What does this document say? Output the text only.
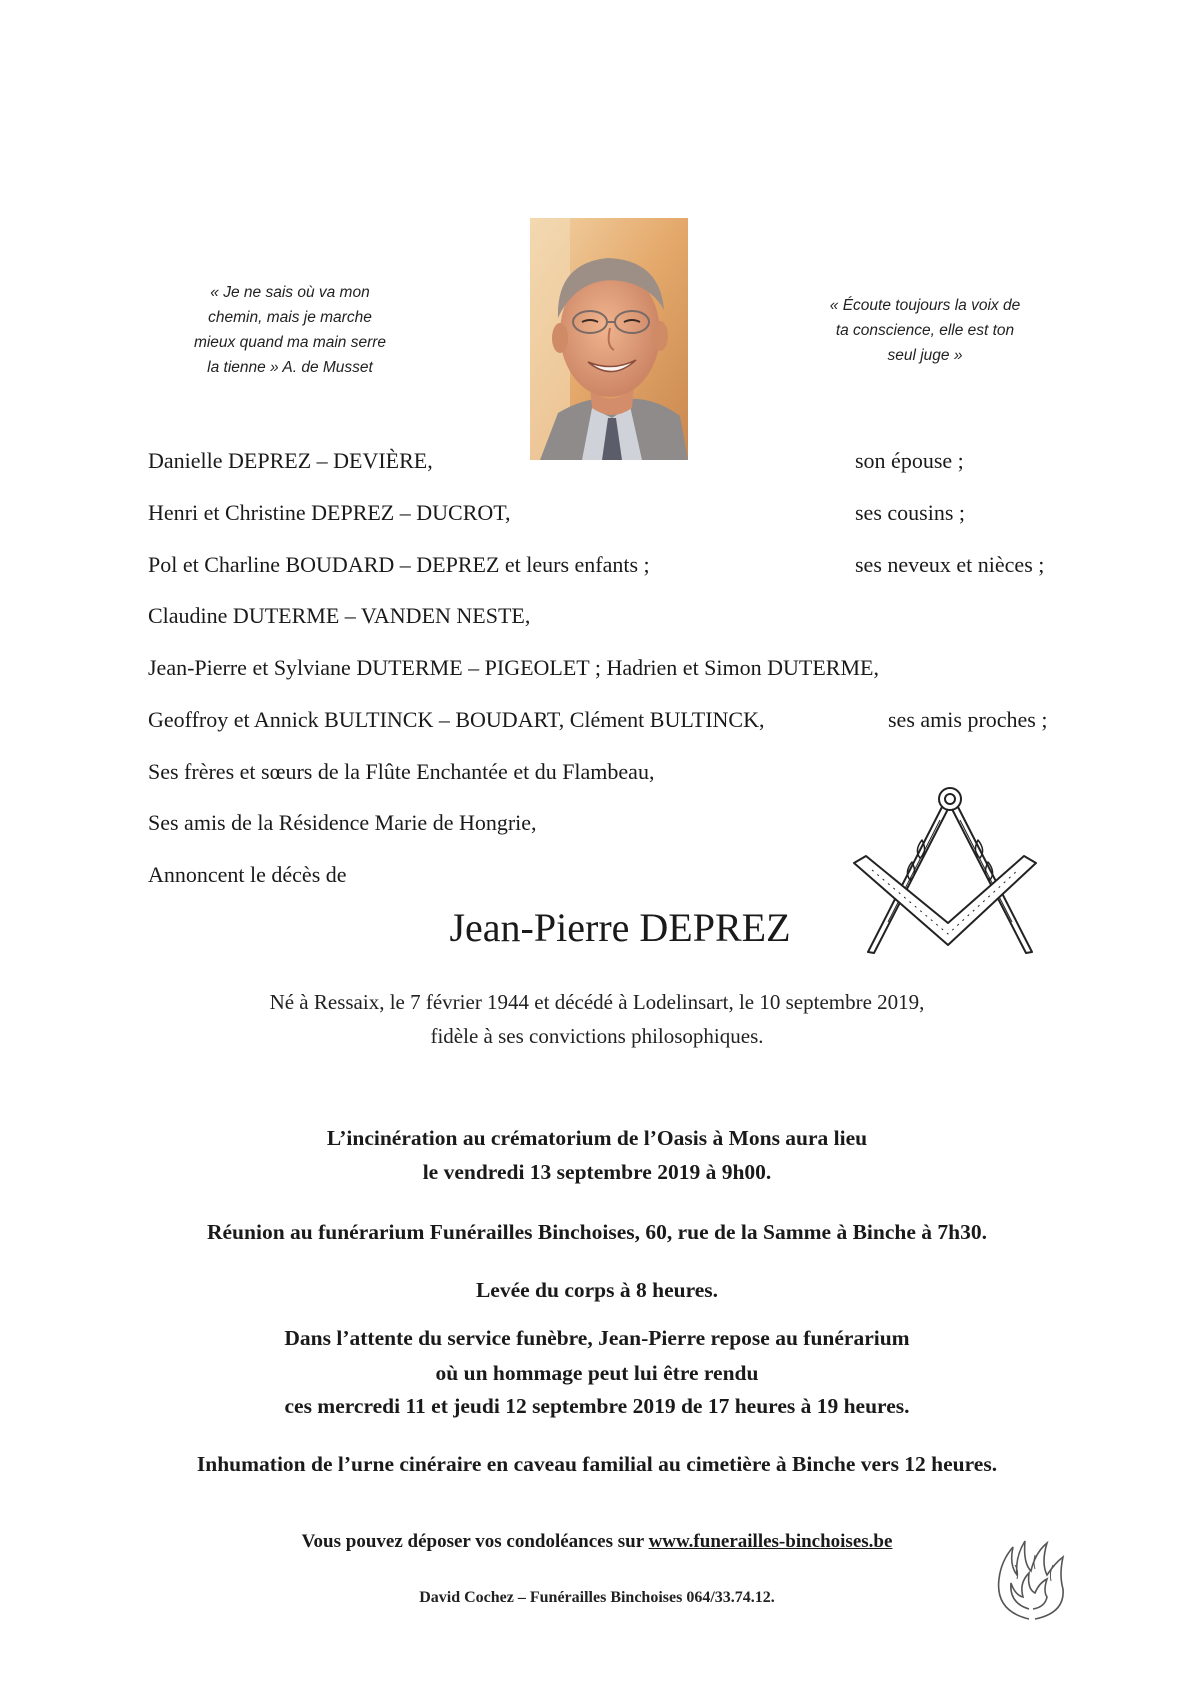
« Je ne sais où va mon
chemin, mais je marche
mieux quand ma main serre
la tienne » A. de Musset
« Écoute toujours la voix de
ta conscience, elle est ton
seul juge »
Danielle DEPREZ – DEVIÈRE,	son épouse ;
Henri et Christine DEPREZ – DUCROT,	ses cousins ;
Pol et Charline BOUDARD – DEPREZ et leurs enfants ;	ses neveux et nièces ;
Claudine DUTERME – VANDEN NESTE,
Jean-Pierre et Sylviane DUTERME – PIGEOLET ; Hadrien et Simon DUTERME,
Geoffroy et Annick BULTINCK – BOUDART, Clément BULTINCK,	ses amis proches ;
Ses frères et sœurs de la Flûte Enchantée et du Flambeau,
Ses amis de la Résidence Marie de Hongrie,
Annoncent le décès de
Jean-Pierre DEPREZ
Né à Ressaix, le 7 février 1944 et décédé à Lodelinsart, le 10 septembre 2019,
fidèle à ses convictions philosophiques.
L’incinération au crématorium de l’Oasis à Mons aura lieu
le vendredi 13 septembre 2019 à 9h00.
Réunion au funérarium Funérailles Binchoises, 60, rue de la Samme à Binche à 7h30.
Levée du corps à 8 heures.
Dans l’attente du service funèbre, Jean-Pierre repose au funérarium
où un hommage peut lui être rendu
ces mercredi 11 et jeudi 12 septembre 2019 de 17 heures à 19 heures.
Inhumation de l’urne cinéraire en caveau familial au cimetière à Binche vers 12 heures.
Vous pouvez déposer vos condoléances sur www.funerailles-binchoises.be
David Cochez – Funérailles Binchoises 064/33.74.12.
